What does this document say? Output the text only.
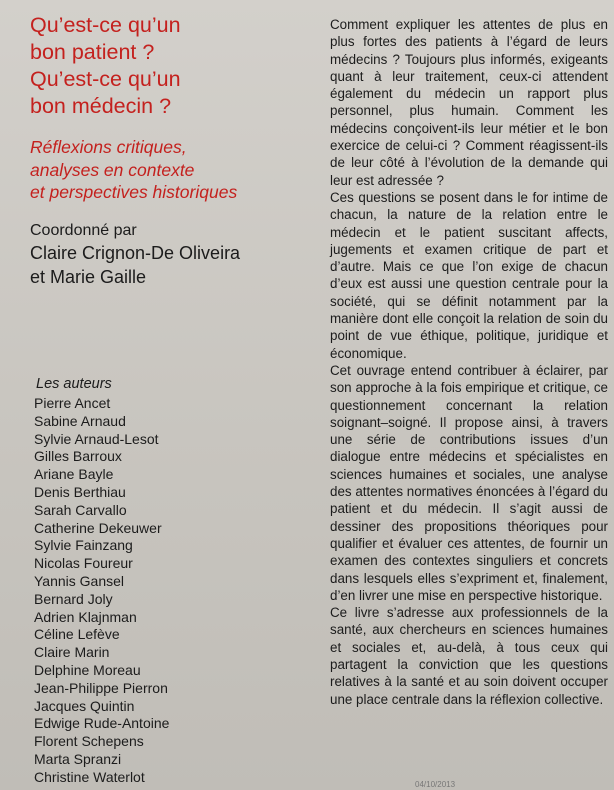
Qu’est-ce qu’un
bon patient ?
Qu’est-ce qu’un
bon médecin ?
Réflexions critiques,
analyses en contexte
et perspectives historiques
Coordonné par
Claire Crignon-De Oliveira
et Marie Gaille
Les auteurs
Pierre Ancet
Sabine Arnaud
Sylvie Arnaud-Lesot
Gilles Barroux
Ariane Bayle
Denis Berthiau
Sarah Carvallo
Catherine Dekeuwer
Sylvie Fainzang
Nicolas Foureur
Yannis Gansel
Bernard Joly
Adrien Klajnman
Céline Lefève
Claire Marin
Delphine Moreau
Jean-Philippe Pierron
Jacques Quintin
Edwige Rude-Antoine
Florent Schepens
Marta Spranzi
Christine Waterlot

Comment expliquer les attentes de plus en plus fortes des patients à l’égard de leurs médecins ? Toujours plus informés, exigeants quant à leur traitement, ceux-ci attendent également du médecin un rapport plus personnel, plus humain. Comment les médecins conçoivent-ils leur métier et le bon exercice de celui-ci ? Comment réagissent-ils de leur côté à l’évolution de la demande qui leur est adressée ?

Ces questions se posent dans le for intime de chacun, la nature de la relation entre le médecin et le patient suscitant affects, jugements et examen critique de part et d’autre. Mais ce que l’on exige de chacun d’eux est aussi une question centrale pour la société, qui se définit notamment par la manière dont elle conçoit la relation de soin du point de vue éthique, politique, juridique et économique.

Cet ouvrage entend contribuer à éclairer, par son approche à la fois empirique et critique, ce questionnement concernant la relation soignant–soigné. Il propose ainsi, à travers une série de contributions issues d’un dialogue entre médecins et spécialistes en sciences humaines et sociales, une analyse des attentes normatives énoncées à l’égard du patient et du médecin. Il s’agit aussi de dessiner des propositions théoriques pour qualifier et évaluer ces attentes, de fournir un examen des contextes singuliers et concrets dans lesquels elles s’expriment et, finalement, d’en livrer une mise en perspective historique.

Ce livre s’adresse aux professionnels de la santé, aux chercheurs en sciences humaines et sociales et, au-delà, à tous ceux qui partagent la conviction que les questions relatives à la santé et au soin doivent occuper une place centrale dans la réflexion collective.

04/10/2013
